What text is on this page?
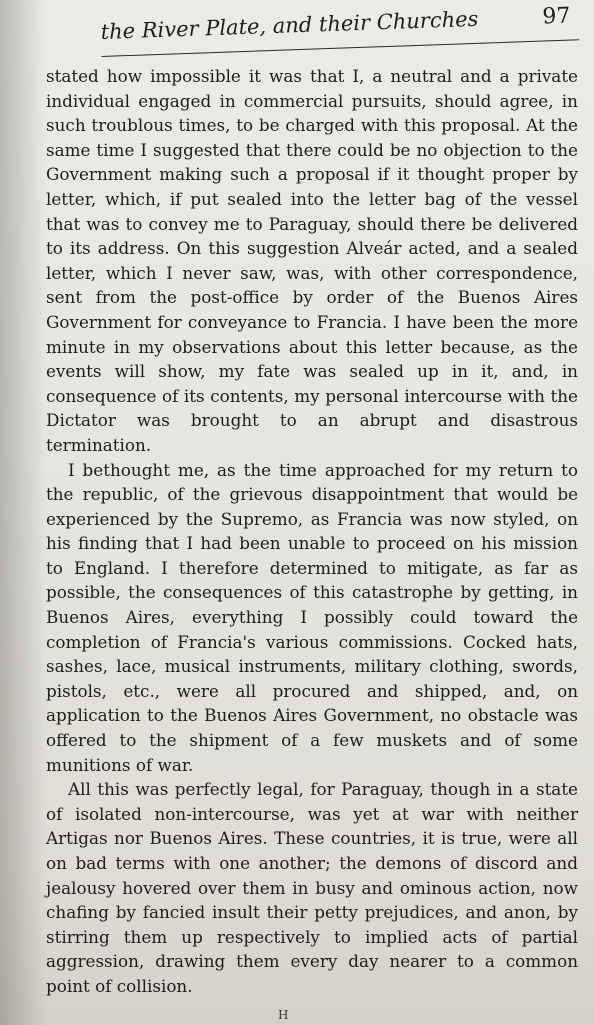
the River Plate, and their Churches	97

stated how impossible it was that I, a neutral and a private individual engaged in commercial pursuits, should agree, in such troublous times, to be charged with this proposal. At the same time I suggested that there could be no objection to the Government making such a proposal if it thought proper by letter, which, if put sealed into the letter bag of the vessel that was to convey me to Paraguay, should there be delivered to its address. On this suggestion Alveár acted, and a sealed letter, which I never saw, was, with other correspondence, sent from the post-office by order of the Buenos Aires Government for conveyance to Francia. I have been the more minute in my observations about this letter because, as the events will show, my fate was sealed up in it, and, in consequence of its contents, my personal intercourse with the Dictator was brought to an abrupt and disastrous termination.

I bethought me, as the time approached for my return to the republic, of the grievous disappointment that would be experienced by the Supremo, as Francia was now styled, on his finding that I had been unable to proceed on his mission to England. I therefore determined to mitigate, as far as possible, the consequences of this catastrophe by getting, in Buenos Aires, everything I possibly could toward the completion of Francia's various commissions. Cocked hats, sashes, lace, musical instruments, military clothing, swords, pistols, etc., were all procured and shipped, and, on application to the Buenos Aires Government, no obstacle was offered to the shipment of a few muskets and of some munitions of war.

All this was perfectly legal, for Paraguay, though in a state of isolated non-intercourse, was yet at war with neither Artigas nor Buenos Aires. These countries, it is true, were all on bad terms with one another; the demons of discord and jealousy hovered over them in busy and ominous action, now chafing by fancied insult their petty prejudices, and anon, by stirring them up respectively to implied acts of partial aggression, drawing them every day nearer to a common point of collision.

H
